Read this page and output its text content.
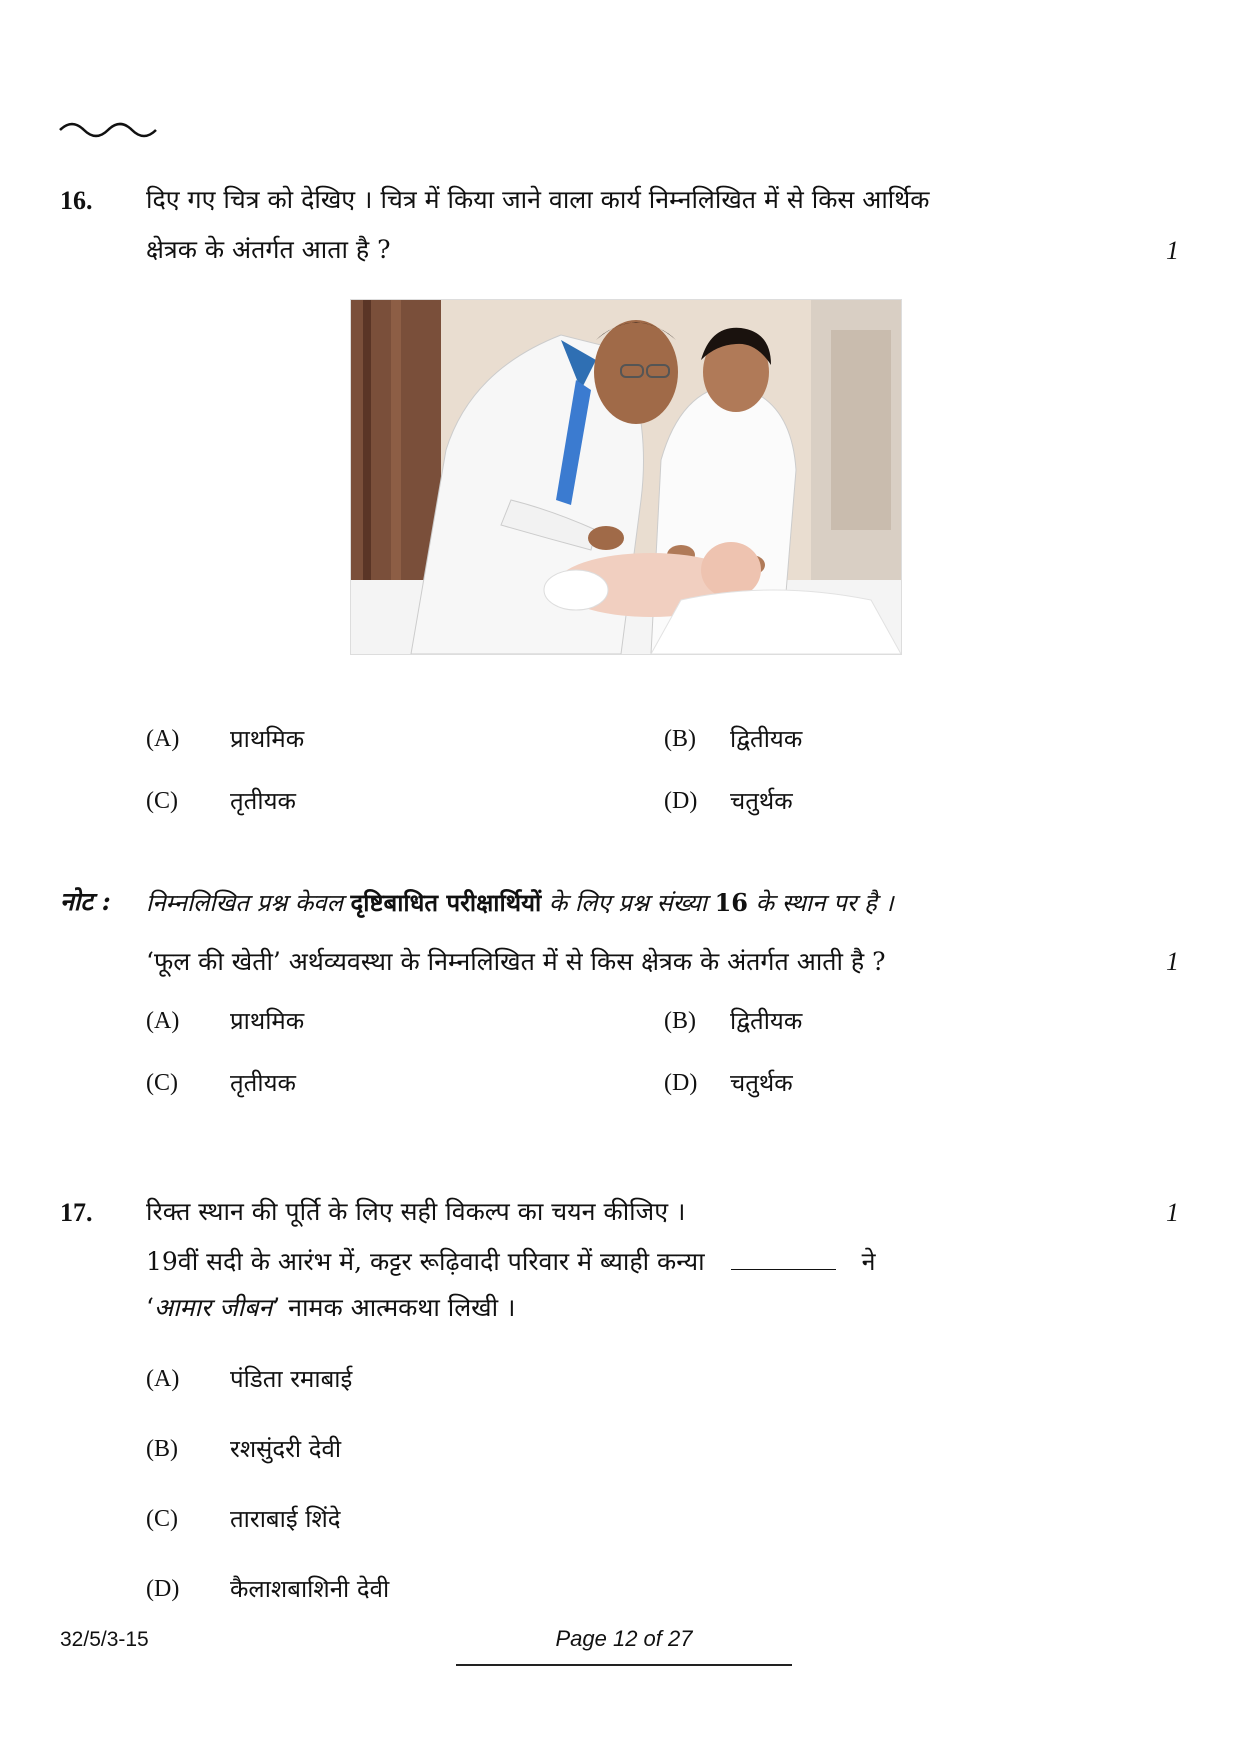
16. दिए गए चित्र को देखिए । चित्र में किया जाने वाला कार्य निम्नलिखित में से किस आर्थिक
क्षेत्रक के अंतर्गत आता है ?	1
(A) प्राथमिक	(B) द्वितीयक
(C) तृतीयक	(D) चतुर्थक
नोट : निम्नलिखित प्रश्न केवल दृष्टिबाधित परीक्षार्थियों के लिए प्रश्न संख्या 16 के स्थान पर है ।
‘फूल की खेती’ अर्थव्यवस्था के निम्नलिखित में से किस क्षेत्रक के अंतर्गत आती है ?	1
(A) प्राथमिक	(B) द्वितीयक
(C) तृतीयक	(D) चतुर्थक
17. रिक्त स्थान की पूर्ति के लिए सही विकल्प का चयन कीजिए ।	1
19वीं सदी के आरंभ में, कट्टर रूढ़िवादी परिवार में ब्याही कन्या	ने
‘आमार जीबन’ नामक आत्मकथा लिखी ।
(A) पंडिता रमाबाई
(B) रशसुंदरी देवी
(C) ताराबाई शिंदे
(D) कैलाशबाशिनी देवी
32/5/3-15	Page 12 of 27
